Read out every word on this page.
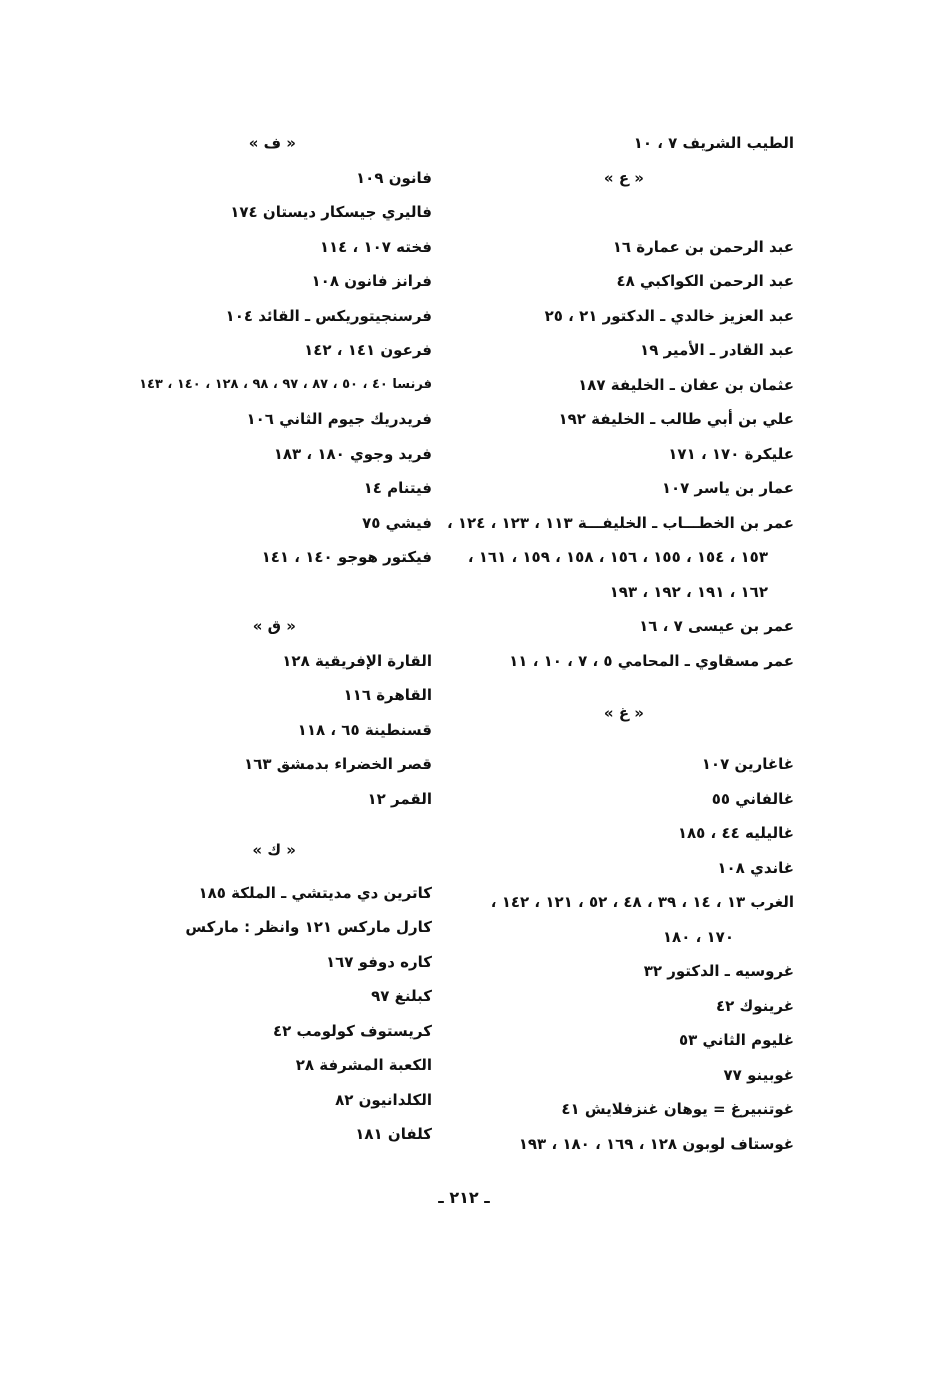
الطيب الشريف ٧ ، ١٠
« ع »
عبد الرحمن بن عمارة ١٦
عبد الرحمن الكواكبي ٤٨
عبد العزيز خالدي ـ الدكتور ٢١ ، ٢٥
عبد القادر ـ الأمير ١٩
عثمان بن عفان ـ الخليفة ١٨٧
علي بن أبي طالب ـ الخليفة ١٩٢
عليكرة ١٧٠ ، ١٧١
عمار بن ياسر ١٠٧
عمر بن الخطـــاب ـ الخليفـــة ١١٣ ، ١٢٣ ، ١٢٤ ،
١٥٣ ، ١٥٤ ، ١٥٥ ، ١٥٦ ، ١٥٨ ، ١٥٩ ، ١٦١ ،
١٦٢ ، ١٩١ ، ١٩٢ ، ١٩٣
عمر بن عيسى ٧ ، ١٦
عمر مسقاوي ـ المحامي ٥ ، ٧ ، ١٠ ، ١١
« غ »
غاغارين ١٠٧
غالفاني ٥٥
غاليليه ٤٤ ، ١٨٥
غاندي ١٠٨
الغرب ١٣ ، ١٤ ، ٣٩ ، ٤٨ ، ٥٢ ، ١٢١ ، ١٤٢ ،
١٧٠ ، ١٨٠
غروسيه ـ الدكتور ٣٢
غرينوك ٤٢
غليوم الثاني ٥٣
غوبينو ٧٧
غوتنبيرغ = يوهان غنزفلايش ٤١
غوستاف لوبون ١٢٨ ، ١٦٩ ، ١٨٠ ، ١٩٣
« ف »
فانون ١٠٩
فاليري جيسكار ديستان ١٧٤
فخته ١٠٧ ، ١١٤
فرانز فانون ١٠٨
فرسنجيتوريكس ـ القائد ١٠٤
فرعون ١٤١ ، ١٤٢
فرنسا ٤٠ ، ٥٠ ، ٨٧ ، ٩٧ ، ٩٨ ، ١٢٨ ، ١٤٠ ، ١٤٣
فريدريك جيوم الثاني ١٠٦
فريد وجوي ١٨٠ ، ١٨٣
فيتنام ١٤
فيشي ٧٥
فيكتور هوجو ١٤٠ ، ١٤١
« ق »
القارة الإفريقية ١٢٨
القاهرة ١١٦
قسنطينة ٦٥ ، ١١٨
قصر الخضراء بدمشق ١٦٣
القمر ١٢
« ك »
كاترين دي مديتشي ـ الملكة ١٨٥
كارل ماركس ١٢١ وانظر : ماركس
كاره دوفو ١٦٧
كبلنغ ٩٧
كريستوف كولومب ٤٢
الكعبة المشرفة ٢٨
الكلدانيون ٨٢
كلفان ١٨١
ـ ٢١٢ ـ
